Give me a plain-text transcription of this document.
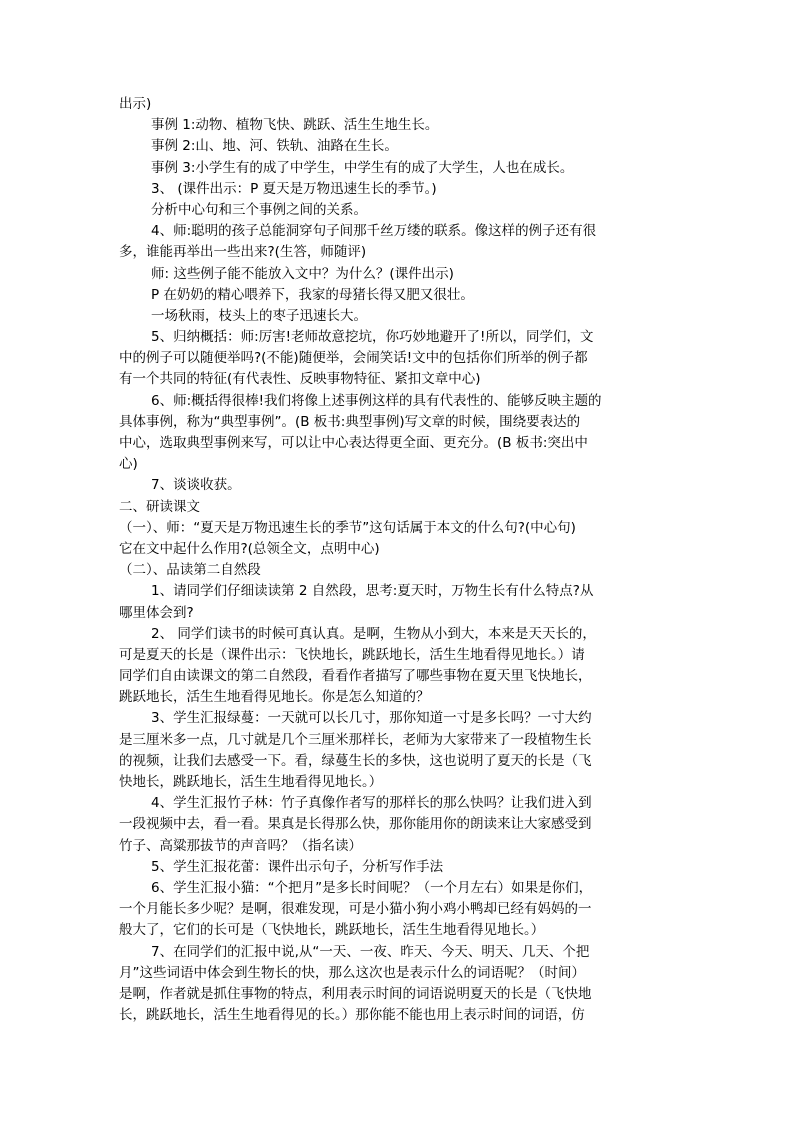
出示)
事例 1:动物、植物飞快、跳跃、活生生地生长。
事例 2:山、地、河、铁轨、油路在生长。
事例 3:小学生有的成了中学生，中学生有的成了大学生，人也在成长。
3、 (课件出示：P 夏天是万物迅速生长的季节。)
分析中心句和三个事例之间的关系。
4、师:聪明的孩子总能洞穿句子间那千丝万缕的联系。像这样的例子还有很
多，谁能再举出一些出来?(生答，师随评)
师: 这些例子能不能放入文中？为什么？(课件出示)
P 在奶奶的精心喂养下，我家的母猪长得又肥又很壮。
一场秋雨，枝头上的枣子迅速长大。
5、归纳概括：师:厉害!老师故意挖坑，你巧妙地避开了!所以，同学们，文
中的例子可以随便举吗?(不能)随便举，会闹笑话!文中的包括你们所举的例子都
有一个共同的特征(有代表性、反映事物特征、紧扣文章中心)
6、师:概括得很棒!我们将像上述事例这样的具有代表性的、能够反映主题的
具体事例，称为“典型事例”。(B 板书:典型事例)写文章的时候，围绕要表达的
中心，选取典型事例来写，可以让中心表达得更全面、更充分。(B 板书:突出中
心)
7、谈谈收获。
二、研读课文
（一）、师：“夏天是万物迅速生长的季节”这句话属于本文的什么句?(中心句)
它在文中起什么作用?(总领全文，点明中心)
（二）、品读第二自然段
1、请同学们仔细读读第 2 自然段，思考:夏天时，万物生长有什么特点?从
哪里体会到?
2、 同学们读书的时候可真认真。是啊，生物从小到大，本来是天天长的，
可是夏天的长是（课件出示：飞快地长，跳跃地长，活生生地看得见地长。）请
同学们自由读课文的第二自然段，看看作者描写了哪些事物在夏天里飞快地长，
跳跃地长，活生生地看得见地长。你是怎么知道的？
3、学生汇报绿蔓：一天就可以长几寸，那你知道一寸是多长吗？一寸大约
是三厘米多一点，几寸就是几个三厘米那样长，老师为大家带来了一段植物生长
的视频，让我们去感受一下。看，绿蔓生长的多快，这也说明了夏天的长是（飞
快地长，跳跃地长，活生生地看得见地长。）
4、学生汇报竹子林：竹子真像作者写的那样长的那么快吗？让我们进入到
一段视频中去，看一看。果真是长得那么快，那你能用你的朗读来让大家感受到
竹子、高粱那拔节的声音吗？（指名读）
5、学生汇报花蕾：课件出示句子，分析写作手法
6、学生汇报小猫：“个把月”是多长时间呢？（一个月左右）如果是你们，
一个月能长多少呢？是啊，很难发现，可是小猫小狗小鸡小鸭却已经有妈妈的一
般大了，它们的长可是（飞快地长，跳跃地长，活生生地看得见地长。）
7、在同学们的汇报中说,从“一天、一夜、昨天、今天、明天、几天、个把
月”这些词语中体会到生物长的快，那么这次也是表示什么的词语呢？（时间）
是啊，作者就是抓住事物的特点，利用表示时间的词语说明夏天的长是（飞快地
长，跳跃地长，活生生地看得见的长。）那你能不能也用上表示时间的词语，仿
